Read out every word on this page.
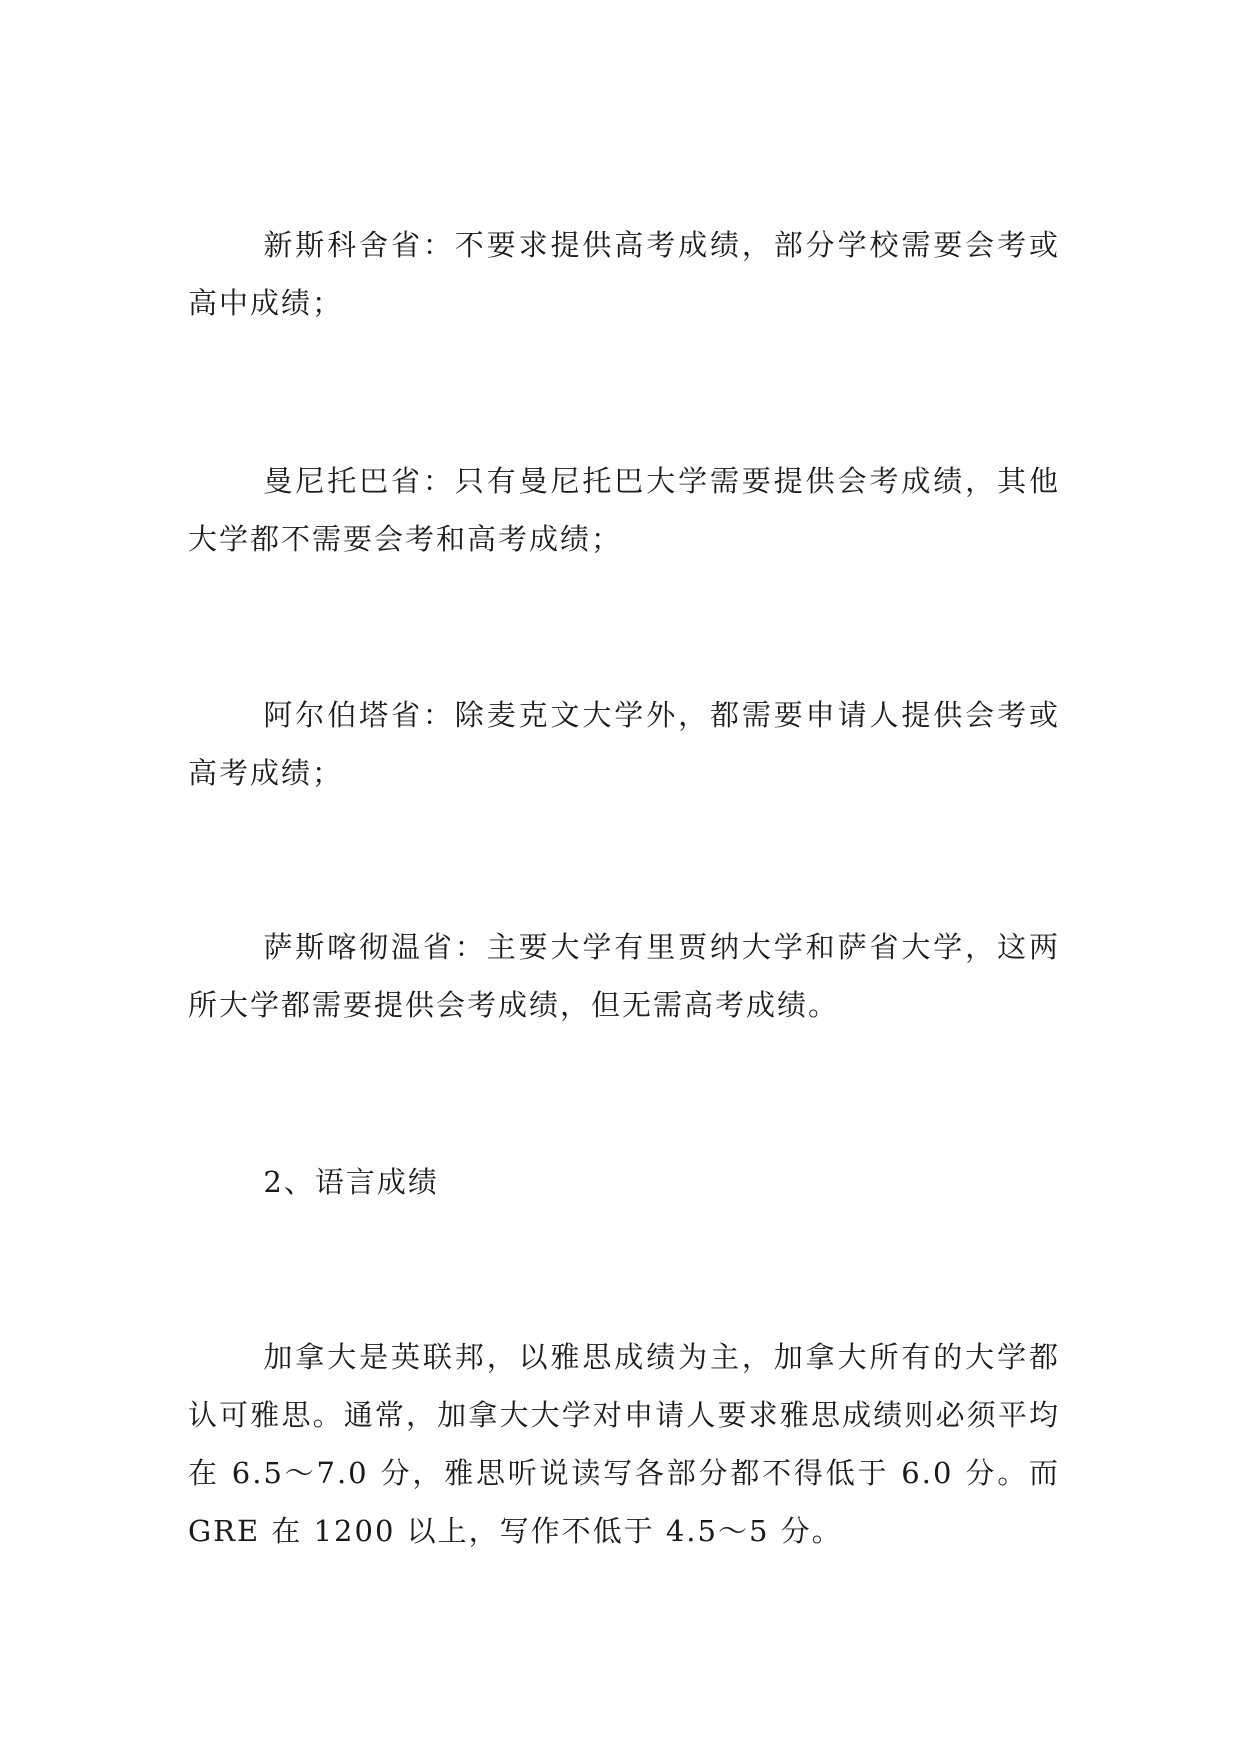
新斯科舍省：不要求提供高考成绩，部分学校需要会考或高中成绩；

曼尼托巴省：只有曼尼托巴大学需要提供会考成绩，其他大学都不需要会考和高考成绩；

阿尔伯塔省：除麦克文大学外，都需要申请人提供会考或高考成绩；

萨斯喀彻温省：主要大学有里贾纳大学和萨省大学，这两所大学都需要提供会考成绩，但无需高考成绩。

2、语言成绩

加拿大是英联邦，以雅思成绩为主，加拿大所有的大学都认可雅思。通常，加拿大大学对申请人要求雅思成绩则必须平均在 6.5～7.0 分，雅思听说读写各部分都不得低于 6.0 分。而 GRE 在 1200 以上，写作不低于 4.5～5 分。
